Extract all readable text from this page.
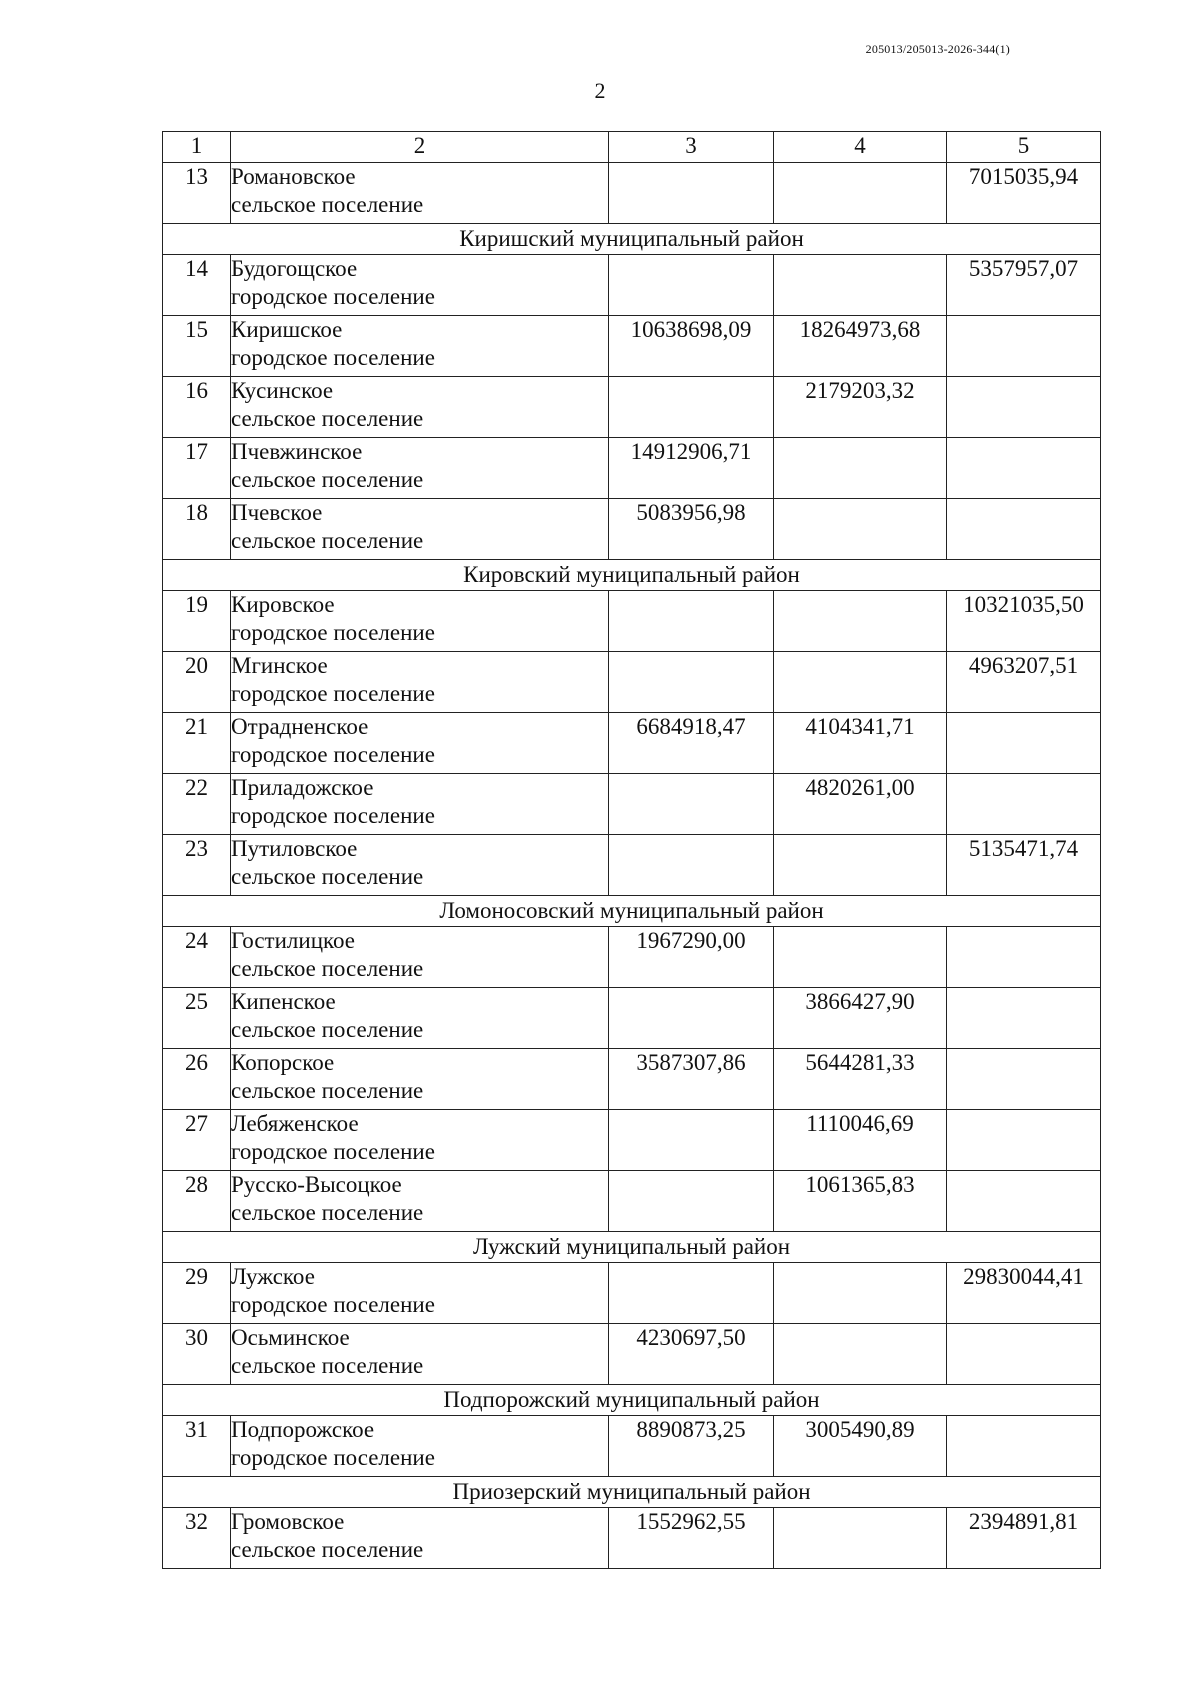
205013/205013-2026-344(1)
2
1	2	3	4	5
13	Романовское
сельское поселение			7015035,94
Киришский муниципальный район				
14	Будогощское
городское поселение			5357957,07
15	Киришское
городское поселение	10638698,09	18264973,68	
16	Кусинское
сельское поселение		2179203,32	
17	Пчевжинское
сельское поселение	14912906,71		
18	Пчевское
сельское поселение	5083956,98		
Кировский муниципальный район				
19	Кировское
городское поселение			10321035,50
20	Мгинское
городское поселение			4963207,51
21	Отрадненское
городское поселение	6684918,47	4104341,71	
22	Приладожское
городское поселение		4820261,00	
23	Путиловское
сельское поселение			5135471,74
Ломоносовский муниципальный район				
24	Гостилицкое
сельское поселение	1967290,00		
25	Кипенское
сельское поселение		3866427,90	
26	Копорское
сельское поселение	3587307,86	5644281,33	
27	Лебяженское
городское поселение		1110046,69	
28	Русско-Высоцкое
сельское поселение		1061365,83	
Лужский муниципальный район				
29	Лужское
городское поселение			29830044,41
30	Осьминское
сельское поселение	4230697,50		
Подпорожский муниципальный район				
31	Подпорожское
городское поселение	8890873,25	3005490,89	
Приозерский муниципальный район				
32	Громовское
сельское поселение	1552962,55		2394891,81
